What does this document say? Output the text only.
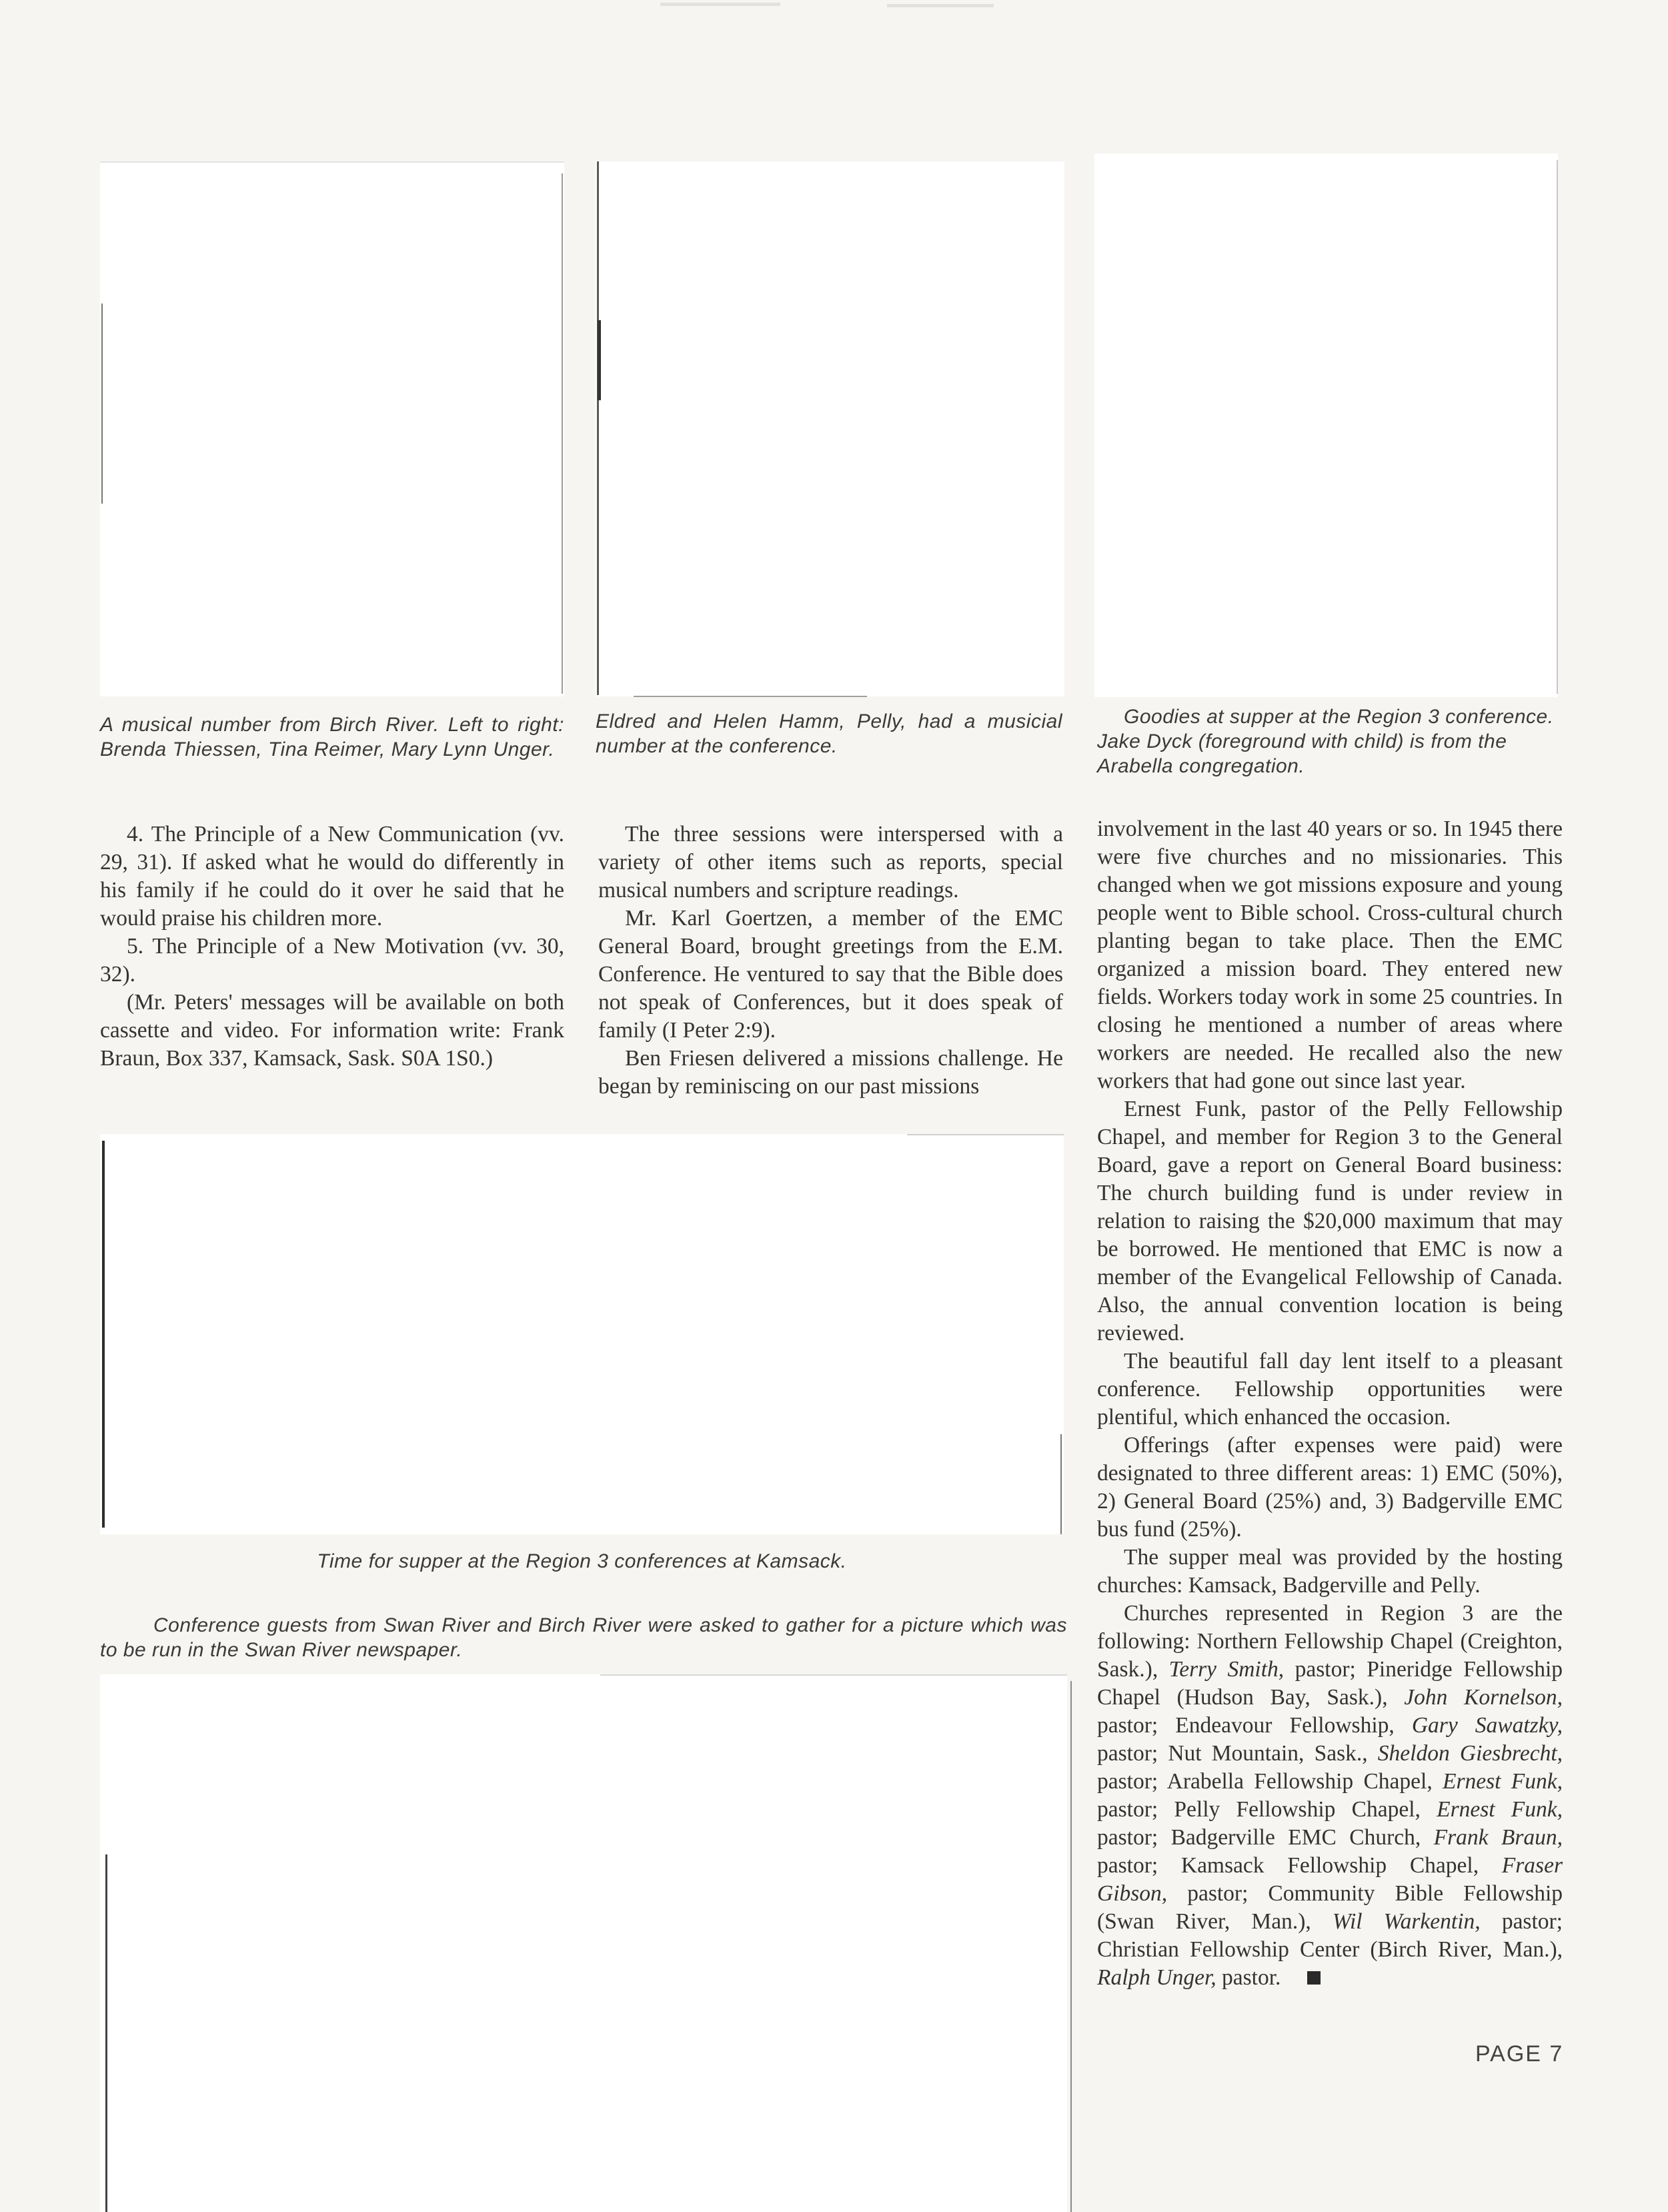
A musical number from Birch River. Left to right: Brenda Thiessen, Tina Reimer, Mary Lynn Unger.

Eldred and Helen Hamm, Pelly, had a musicial number at the conference.

Goodies at supper at the Region 3 conference. Jake Dyck (foreground with child) is from the Arabella congregation.

4. The Principle of a New Communication (vv. 29, 31). If asked what he would do differently in his family if he could do it over he said that he would praise his children more.

5. The Principle of a New Motivation (vv. 30, 32).

(Mr. Peters' messages will be available on both cassette and video. For information write: Frank Braun, Box 337, Kamsack, Sask. S0A 1S0.)

The three sessions were interspersed with a variety of other items such as reports, special musical numbers and scripture readings.

Mr. Karl Goertzen, a member of the EMC General Board, brought greetings from the E.M. Conference. He ventured to say that the Bible does not speak of Conferences, but it does speak of family (I Peter 2:9).

Ben Friesen delivered a missions challenge. He began by reminiscing on our past missions

involvement in the last 40 years or so. In 1945 there were five churches and no missionaries. This changed when we got missions exposure and young people went to Bible school. Cross-cultural church planting began to take place. Then the EMC organized a mission board. They entered new fields. Workers today work in some 25 countries. In closing he mentioned a number of areas where workers are needed. He recalled also the new workers that had gone out since last year.

Ernest Funk, pastor of the Pelly Fellowship Chapel, and member for Region 3 to the General Board, gave a report on General Board business: The church building fund is under review in relation to raising the $20,000 maximum that may be borrowed. He mentioned that EMC is now a member of the Evangelical Fellowship of Canada. Also, the annual convention location is being reviewed.

The beautiful fall day lent itself to a pleasant conference. Fellowship opportunities were plentiful, which enhanced the occasion.

Offerings (after expenses were paid) were designated to three different areas: 1) EMC (50%), 2) General Board (25%) and, 3) Badgerville EMC bus fund (25%).

The supper meal was provided by the hosting churches: Kamsack, Badgerville and Pelly.

Churches represented in Region 3 are the following: Northern Fellowship Chapel (Creighton, Sask.), Terry Smith, pastor; Pineridge Fellowship Chapel (Hudson Bay, Sask.), John Kornelson, pastor; Endeavour Fellowship, Gary Sawatzky, pastor; Nut Mountain, Sask., Sheldon Giesbrecht, pastor; Arabella Fellowship Chapel, Ernest Funk, pastor; Pelly Fellowship Chapel, Ernest Funk, pastor; Badgerville EMC Church, Frank Braun, pastor; Kamsack Fellowship Chapel, Fraser Gibson, pastor; Community Bible Fellowship (Swan River, Man.), Wil Warkentin, pastor; Christian Fellowship Center (Birch River, Man.), Ralph Unger, pastor.

Time for supper at the Region 3 conferences at Kamsack.

Conference guests from Swan River and Birch River were asked to gather for a picture which was to be run in the Swan River newspaper.

PAGE 7
